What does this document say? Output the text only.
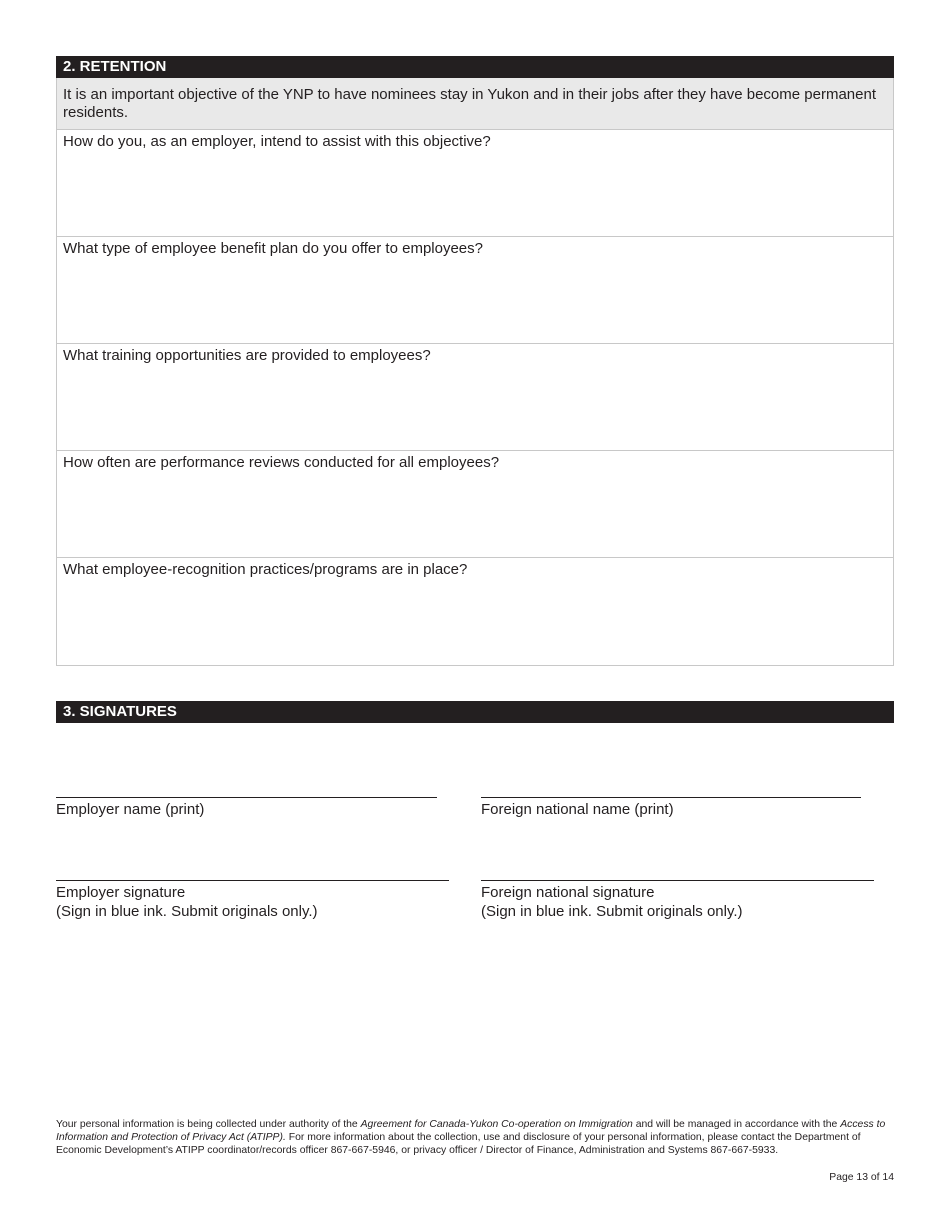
2. RETENTION
It is an important objective of the YNP to have nominees stay in Yukon and in their jobs after they have become permanent residents.
How do you, as an employer, intend to assist with this objective?
What type of employee benefit plan do you offer to employees?
What training opportunities are provided to employees?
How often are performance reviews conducted for all employees?
What employee-recognition practices/programs are in place?
3. SIGNATURES
Employer name (print)	Foreign national name (print)
Employer signature
(Sign in blue ink. Submit originals only.)
Foreign national signature
(Sign in blue ink. Submit originals only.)
Your personal information is being collected under authority of the Agreement for Canada-Yukon Co-operation on Immigration and will be managed in accordance with the Access to Information and Protection of Privacy Act (ATIPP). For more information about the collection, use and disclosure of your personal information, please contact the Department of Economic Development’s ATIPP coordinator/records officer 867-667-5946, or privacy officer / Director of Finance, Administration and Systems 867-667-5933.
Page 13 of 14
